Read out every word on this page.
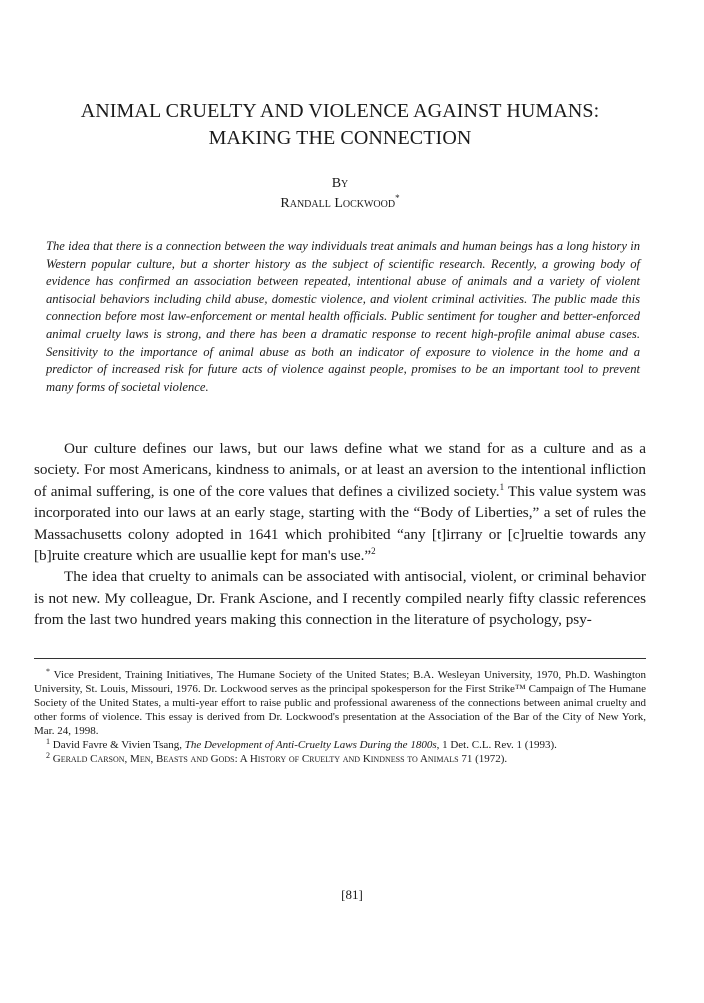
ANIMAL CRUELTY AND VIOLENCE AGAINST HUMANS:
MAKING THE CONNECTION
By
Randall Lockwood*
The idea that there is a connection between the way individuals treat animals and human beings has a long history in Western popular culture, but a shorter history as the subject of scientific research. Recently, a growing body of evidence has confirmed an association between repeated, intentional abuse of animals and a variety of violent antisocial behaviors including child abuse, domestic violence, and violent criminal activities. The public made this connection before most law-enforcement or mental health officials. Public sentiment for tougher and better-enforced animal cruelty laws is strong, and there has been a dramatic response to recent high-profile animal abuse cases. Sensitivity to the importance of animal abuse as both an indicator of exposure to violence in the home and a predictor of increased risk for future acts of violence against people, promises to be an important tool to prevent many forms of societal violence.

Our culture defines our laws, but our laws define what we stand for as a culture and as a society. For most Americans, kindness to animals, or at least an aversion to the intentional infliction of animal suffering, is one of the core values that defines a civilized society.$^1$ This value system was incorporated into our laws at an early stage, starting with the “Body of Liberties,” a set of rules the Massachusetts colony adopted in 1641 which prohibited “any [t]irrany or [c]rueltie towards any [b]ruite creature which are usuallie kept for man's use.”$^2$

The idea that cruelty to animals can be associated with antisocial, violent, or criminal behavior is not new. My colleague, Dr. Frank Ascione, and I recently compiled nearly fifty classic references from the last two hundred years making this connection in the literature of psychology, psy-

* Vice President, Training Initiatives, The Humane Society of the United States; B.A. Wesleyan University, 1970, Ph.D. Washington University, St. Louis, Missouri, 1976. Dr. Lockwood serves as the principal spokesperson for the First Strike™ Campaign of The Humane Society of the United States, a multi-year effort to raise public and professional awareness of the connections between animal cruelty and other forms of violence. This essay is derived from Dr. Lockwood's presentation at the Association of the Bar of the City of New York, Mar. 24, 1998.

$^1$ David Favre & Vivien Tsang, The Development of Anti-Cruelty Laws During the 1800s, 1 Det. C.L. Rev. 1 (1993).

$^2$ Gerald Carson, Men, Beasts and Gods: A History of Cruelty and Kindness to Animals 71 (1972).

[81]
